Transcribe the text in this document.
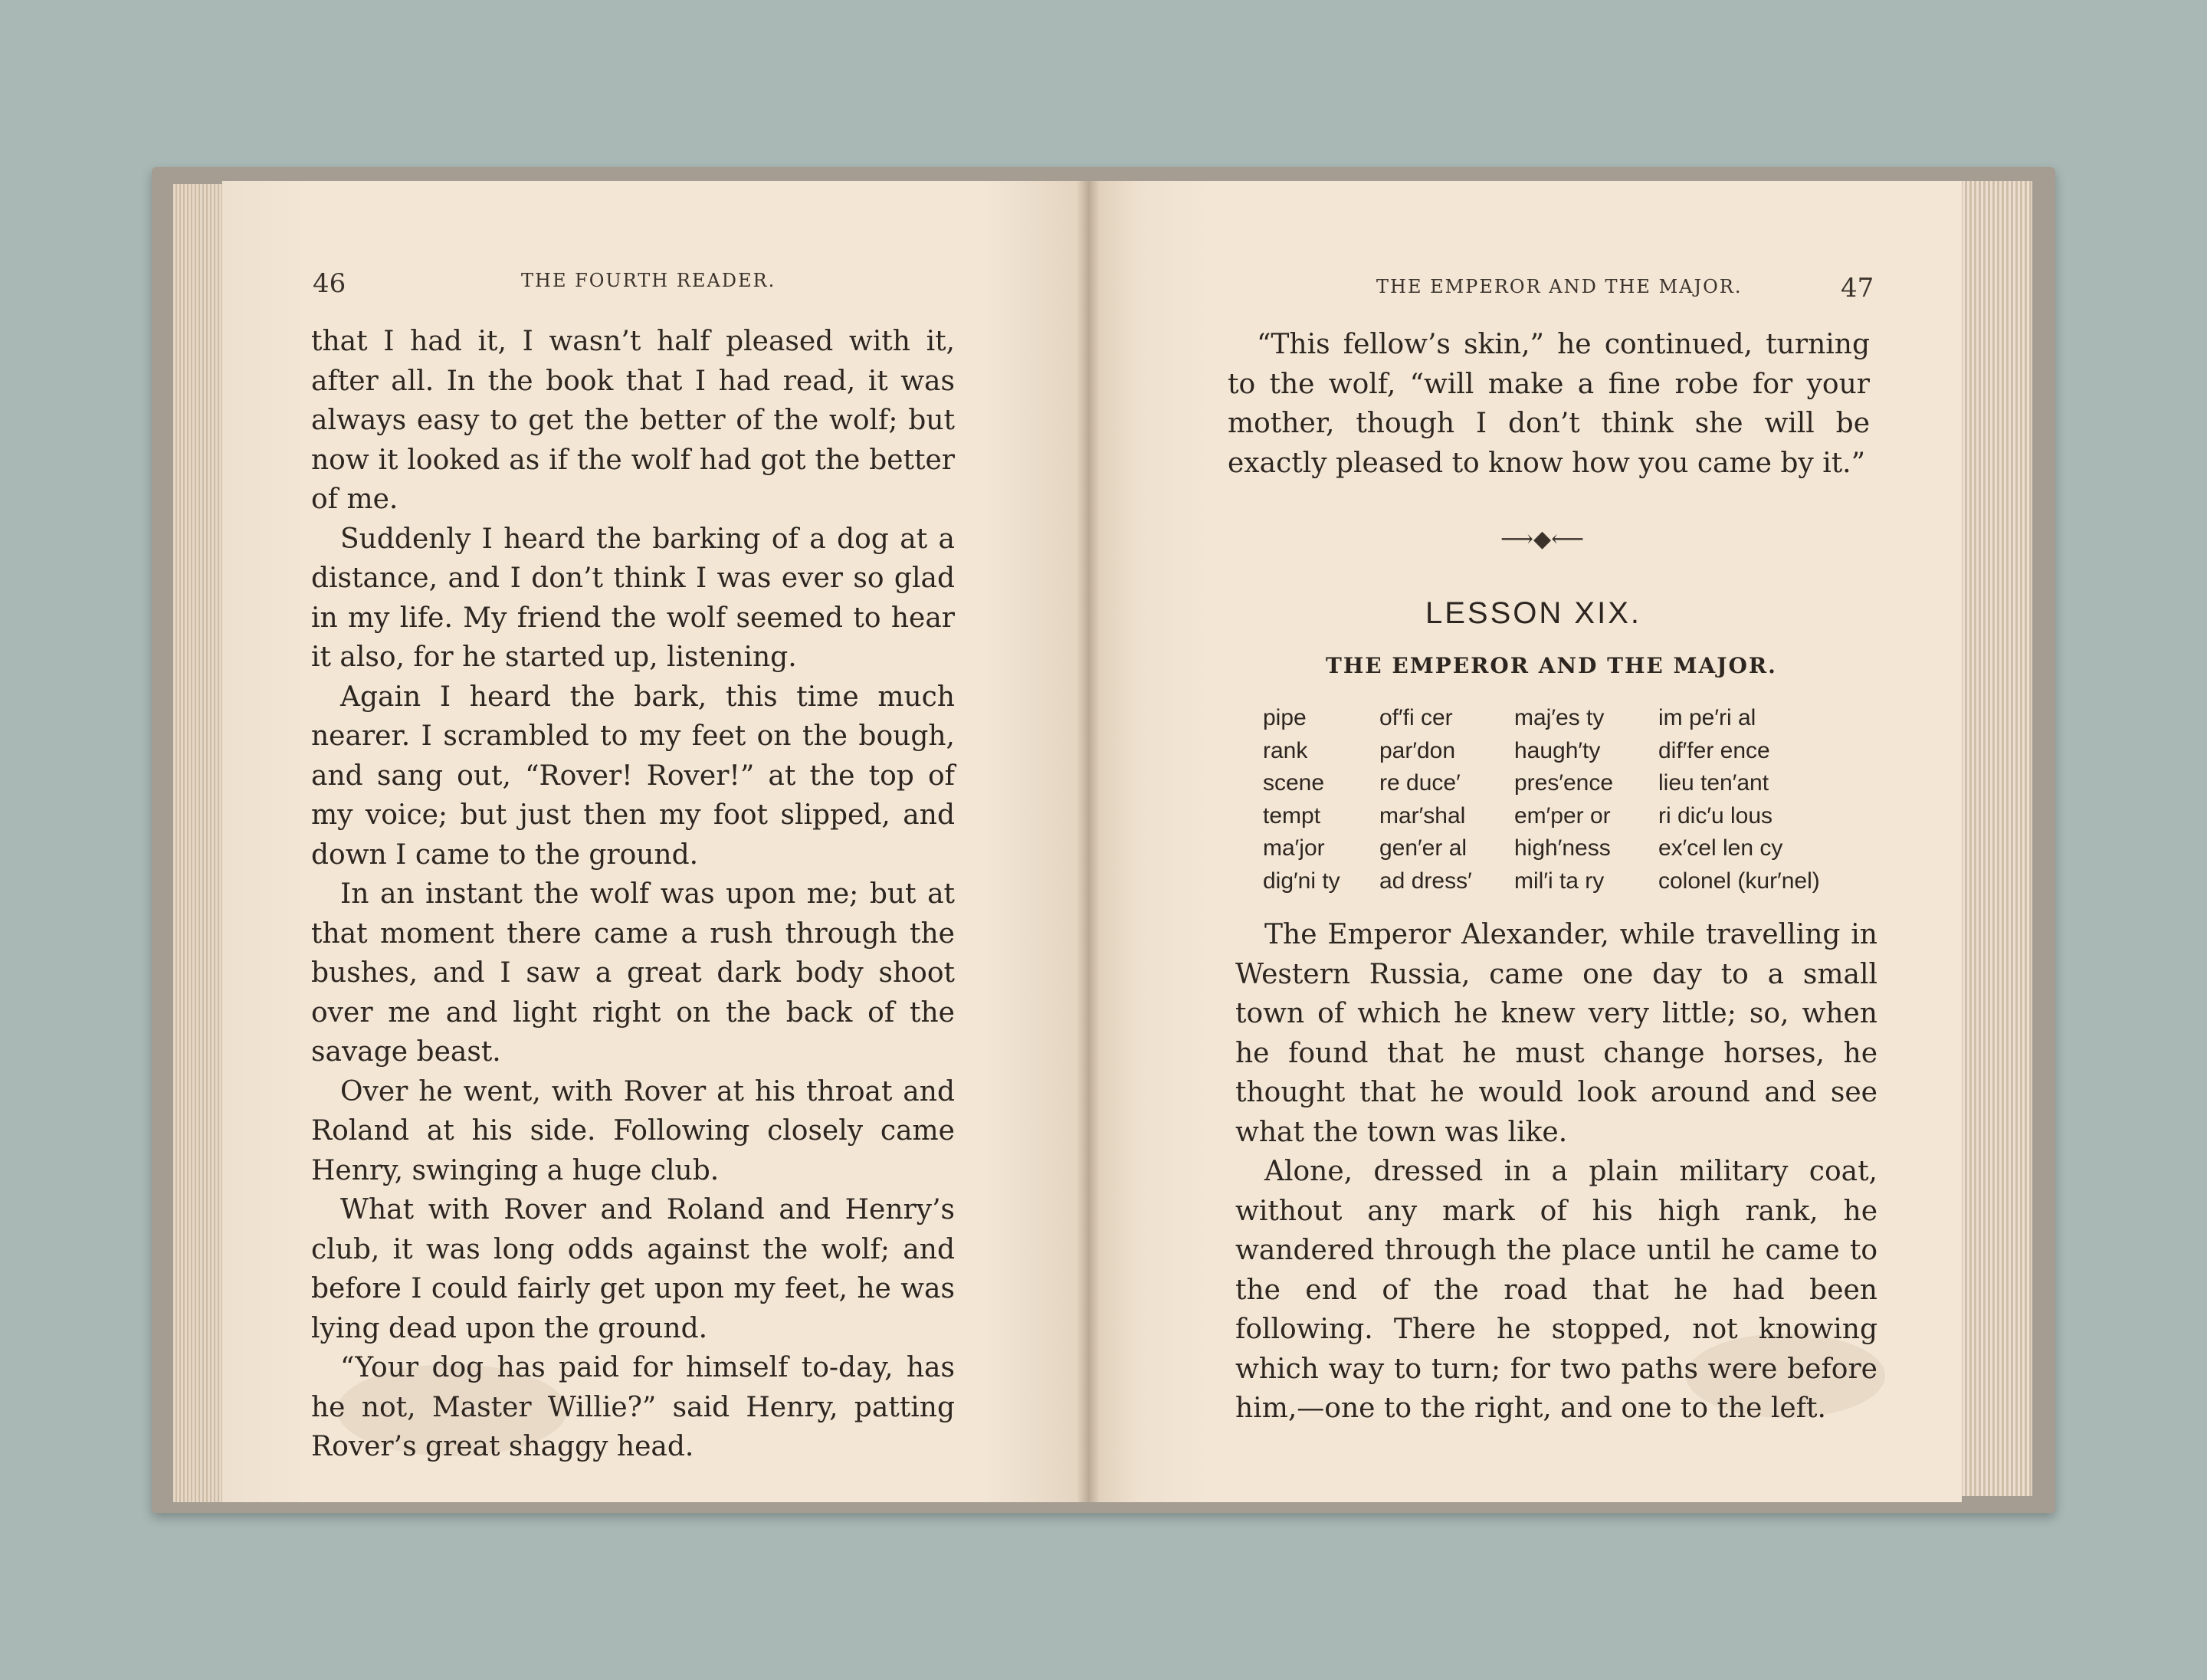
46	THE FOURTH READER.

that I had it, I wasn’t half pleased with it, after all. In the book that I had read, it was always easy to get the better of the wolf; but now it looked as if the wolf had got the better of me.

Suddenly I heard the barking of a dog at a distance, and I don’t think I was ever so glad in my life. My friend the wolf seemed to hear it also, for he started up, listening.

Again I heard the bark, this time much nearer. I scrambled to my feet on the bough, and sang out, “Rover! Rover!” at the top of my voice; but just then my foot slipped, and down I came to the ground.

In an instant the wolf was upon me; but at that moment there came a rush through the bushes, and I saw a great dark body shoot over me and light right on the back of the savage beast.

Over he went, with Rover at his throat and Roland at his side. Following closely came Henry, swinging a huge club.

What with Rover and Roland and Henry’s club, it was long odds against the wolf; and before I could fairly get upon my feet, he was lying dead upon the ground.

“Your dog has paid for himself to-day, has he not, Master Willie?” said Henry, patting Rover’s great shaggy head.

THE EMPEROR AND THE MAJOR.	47

“This fellow’s skin,” he continued, turning to the wolf, “will make a fine robe for your mother, though I don’t think she will be exactly pleased to know how you came by it.”

⟶◆⟵
LESSON XIX.
THE EMPEROR AND THE MAJOR.
pipe	of′fi cer	maj′es ty	im pe′ri al
rank	par′don	haugh′ty	dif′fer ence
scene	re duce′	pres′ence	lieu ten′ant
tempt	mar′shal	em′per or	ri dic′u lous
ma′jor	gen′er al	high′ness	ex′cel len cy
dig′ni ty	ad dress′	mil′i ta ry	colonel (kur′nel)

The Emperor Alexander, while travelling in Western Russia, came one day to a small town of which he knew very little; so, when he found that he must change horses, he thought that he would look around and see what the town was like.

Alone, dressed in a plain military coat, without any mark of his high rank, he wandered through the place until he came to the end of the road that he had been following. There he stopped, not knowing which way to turn; for two paths were before him,—one to the right, and one to the left.
